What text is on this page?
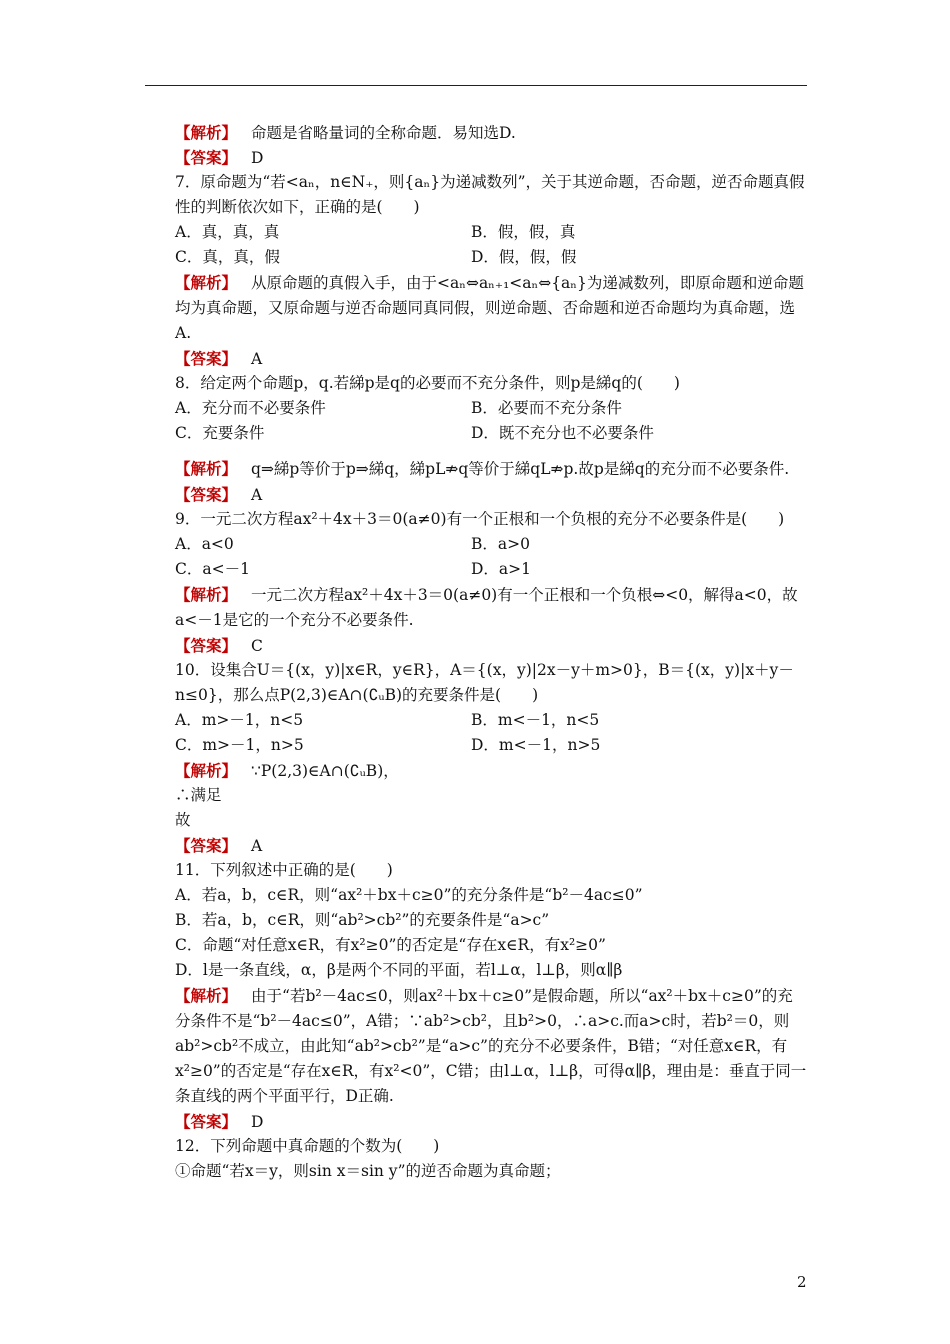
【解析】 命题是省略量词的全称命题．易知选D.
【答案】 D
7．原命题为“若<aₙ，n∈N₊，则{aₙ}为递减数列”，关于其逆命题，否命题，逆否命题真假性的判断依次如下，正确的是(　　)
A．真，真，真	B．假，假，真
C．真，真，假	D．假，假，假
【解析】 从原命题的真假入手，由于<aₙ⇔aₙ₊₁<aₙ⇔{aₙ}为递减数列，即原命题和逆命题均为真命题，又原命题与逆否命题同真同假，则逆命题、否命题和逆否命题均为真命题，选A.
【答案】 A
8．给定两个命题p，q.若綈p是q的必要而不充分条件，则p是綈q的(　　)
A．充分而不必要条件	B．必要而不充分条件
C．充要条件	D．既不充分也不必要条件
【解析】 q⇒綈p等价于p⇒綈q，綈pL⇏q等价于綈qL⇏p.故p是綈q的充分而不必要条件.
【答案】 A
9．一元二次方程ax²＋4x＋3＝0(a≠0)有一个正根和一个负根的充分不必要条件是(　　)
A．a<0	B．a>0
C．a<－1	D．a>1
【解析】 一元二次方程ax²＋4x＋3＝0(a≠0)有一个正根和一个负根⇔<0，解得a<0，故a<－1是它的一个充分不必要条件.
【答案】 C
10．设集合U＝{(x，y)|x∈R，y∈R}，A＝{(x，y)|2x－y＋m>0}，B＝{(x，y)|x＋y－n≤0}，那么点P(2,3)∈A∩(∁ᵤB)的充要条件是(　　)
A．m>－1，n<5	B．m<－1，n<5
C．m>－1，n>5	D．m<－1，n>5
【解析】 ∵P(2,3)∈A∩(∁ᵤB)，
∴满足
故
【答案】 A
11．下列叙述中正确的是(　　)
A．若a，b，c∈R，则“ax²＋bx＋c≥0”的充分条件是“b²－4ac≤0”
B．若a，b，c∈R，则“ab²>cb²”的充要条件是“a>c”
C．命题“对任意x∈R，有x²≥0”的否定是“存在x∈R，有x²≥0”
D．l是一条直线，α，β是两个不同的平面，若l⊥α，l⊥β，则α∥β
【解析】 由于“若b²－4ac≤0，则ax²＋bx＋c≥0”是假命题，所以“ax²＋bx＋c≥0”的充分条件不是“b²－4ac≤0”，A错；∵ab²>cb²，且b²>0，∴a>c.而a>c时，若b²＝0，则ab²>cb²不成立，由此知“ab²>cb²”是“a>c”的充分不必要条件，B错；“对任意x∈R，有x²≥0”的否定是“存在x∈R，有x²<0”，C错；由l⊥α，l⊥β，可得α∥β，理由是：垂直于同一条直线的两个平面平行，D正确.
【答案】 D
12．下列命题中真命题的个数为(　　)
①命题“若x＝y，则sin x＝sin y”的逆否命题为真命题；
2
